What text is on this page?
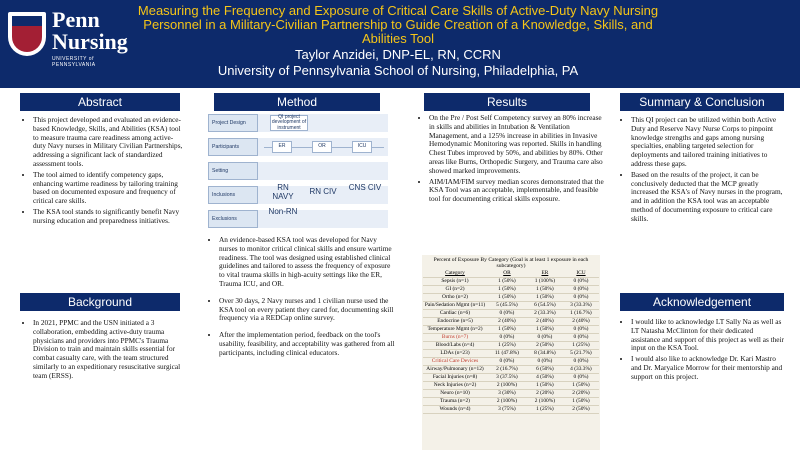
Penn
Nursing
UNIVERSITY of PENNSYLVANIA
Measuring the Frequency and Exposure of Critical Care Skills of Active-Duty Navy Nursing Personnel in a Military-Civilian Partnership to Guide Creation of a Knowledge, Skills, and Abilities Tool
Taylor Anzidei, DNP-EL, RN, CCRN
University of Pennsylvania School of Nursing, Philadelphia, PA
Abstract
• This project developed and evaluated an evidence-based Knowledge, Skills, and Abilities (KSA) tool to measure trauma care readiness among active-duty Navy nurses in Military Civilian Partnerships, addressing a significant lack of standardized assessment tools.
• The tool aimed to identify competency gaps, enhancing wartime readiness by tailoring training based on documented exposure and frequency of critical care skills.
• The KSA tool stands to significantly benefit Navy nursing education and preparedness initiatives.
Background
• In 2021, PPMC and the USN initiated a 3 collaboration, embedding active-duty trauma physicians and providers into PPMC's Trauma Division to train and maintain skills essential for combat casualty care, with the team structured similarly to an expeditionary resuscitative surgical team (ERSS).
Method
Project Design
QI project development of instrument
Participants	ER	OR	ICU
Setting
Inclusions
RN NAVY
RN CIV	CNS CIV
Exclusions
Non-RN
• An evidence-based KSA tool was developed for Navy nurses to monitor critical clinical skills and ensure wartime readiness. The tool was designed using established clinical guidelines and tailored to assess the frequency of exposure to vital trauma skills in high-acuity settings like the ER, Trauma ICU, and OR.
• Over 30 days, 2 Navy nurses and 1 civilian nurse used the KSA tool on every patient they cared for, documenting skill frequency via a REDCap online survey.
• After the implementation period, feedback on the tool's usability, feasibility, and acceptability was gathered from all participants, including clinical educators.
Results
• On the Pre / Post Self Competency survey an 80% increase in skills and abilities in Intubation & Ventilation Management, and a 125% increase in abilities in Invasive Hemodynamic Monitoring was reported. Skills in handling Chest Tubes improved by 50%, and abilities by 80%. Other areas like Burns, Orthopedic Surgery, and Trauma care also showed marked improvements.
• AIM/IAM/FIM survey median scores demonstrated that the KSA Tool was an acceptable, implementable, and feasible tool for documenting critical skills exposure.
Percent of Exposure By Category (Goal is at least 1 exposure in each subcategory)
Category	OR	ER	ICU
Sepsis (n=1)	1 (50%)	1 (100%)	0 (0%)
GI (n=2)	1 (50%)	1 (50%)	0 (0%)
Ortho (n=2)	1 (50%)	1 (50%)	0 (0%)
Pain/Sedation Mgmt (n=11)	5 (45.5%)	6 (54.5%)	3 (33.3%)
Cardiac (n=6)	0 (0%)	2 (33.3%)	1 (16.7%)
Endocrine (n=5)	2 (40%)	2 (40%)	2 (40%)
Temperature Mgmt (n=2)	1 (50%)	1 (50%)	0 (0%)
Burns (n=7)	0 (0%)	0 (0%)	0 (0%)
Blood/Labs (n=4)	1 (25%)	2 (50%)	1 (25%)
LDAs (n=23)	11 (47.8%)	8 (34.8%)	5 (21.7%)
Critical Care Devices	0 (0%)	0 (0%)	0 (0%)
Airway/Pulmonary (n=12)	2 (16.7%)	6 (50%)	4 (33.3%)
Facial Injuries (n=8)	3 (37.5%)	4 (50%)	0 (0%)
Neck Injuries (n=2)	2 (100%)	1 (50%)	1 (50%)
Neuro (n=10)	3 (30%)	2 (20%)	2 (20%)
Trauma (n=2)	2 (100%)	2 (100%)	1 (50%)
Wounds (n=4)	3 (75%)	1 (25%)	2 (50%)
Summary & Conclusion
• This QI project can be utilized within both Active Duty and Reserve Navy Nurse Corps to pinpoint knowledge strengths and gaps among nursing specialties, enabling targeted selection for deployments and tailored training initiatives to address these gaps.
• Based on the results of the project, it can be conclusively deducted that the MCP greatly increased the KSA's of Navy nurses in the program, and in addition the KSA tool was an acceptable method of documenting exposure to critical care skills.
Acknowledgement
• I would like to acknowledge LT Sally Na as well as LT Natasha McClinton for their dedicated assistance and support of this project as well as their input on the KSA Tool.
• I would also like to acknowledge Dr. Kari Mastro and Dr. Maryalice Morrow for their mentorship and support on this project.
